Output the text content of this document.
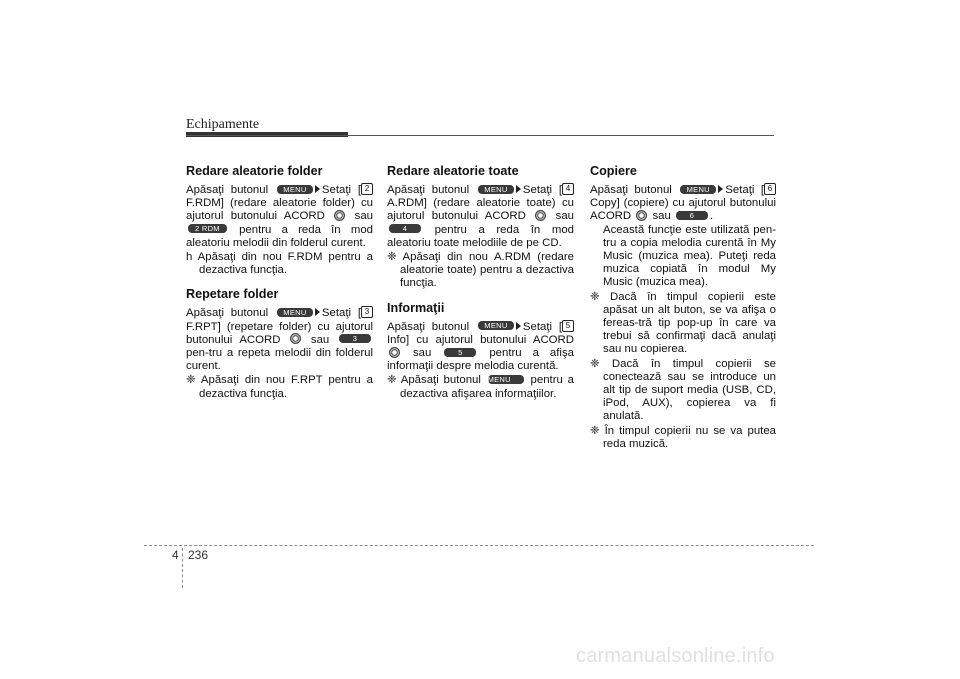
Echipamente
Redare aleatorie folder

Apăsaţi butonul MENU Setaţi [ 2 F.RDM] (redare aleatorie folder) cu ajutorul butonului ACORD	sau 2 RDM pentru a reda în mod aleatoriu melodii din folderul curent.

h Apăsaţi din nou F.RDM pentru a dezactiva funcţia.

Repetare folder

Apăsaţi butonul MENU Setaţi [ 3 F.RPT] (repetare folder) cu ajutorul butonului ACORD	sau	3 pen-tru a repeta melodii din folderul curent.

❈ Apăsaţi din nou F.RPT pentru a dezactiva funcţia.

Redare aleatorie toate

Apăsaţi butonul MENU Setaţi [ 4 A.RDM] (redare aleatorie toate) cu ajutorul butonului ACORD	sau 4 pentru a reda în mod aleatoriu toate melodiile de pe CD.

❈ Apăsaţi din nou A.RDM (redare aleatorie toate) pentru a dezactiva funcţia.

Informaţii

Apăsaţi butonul MENU Setaţi [ 5 Info] cu ajutorul butonului ACORD  sau	5 pentru a afişa informaţii despre melodia curentă.

❈ Apăsaţi butonul MENU pentru a dezactiva afişarea informaţiilor.

Copiere

Apăsaţi butonul MENU Setaţi [ 6 Copy] (copiere) cu ajutorul butonului ACORD sau	6 .

Această funcţie este utilizată pen-tru a copia melodia curentă în My Music (muzica mea). Puteţi reda muzica copiată în modul My Music (muzica mea).

❈ Dacă în timpul copierii este apăsat un alt buton, se va afişa o fereas-tră tip pop-up în care va trebui să confirmaţi dacă anulaţi sau nu copierea.

❈ Dacă în timpul copierii se conectează sau se introduce un alt tip de suport media (USB, CD, iPod, AUX), copierea va fi anulată.

❈ În timpul copierii nu se va putea reda muzică.

4 236
carmanualsonline.info
